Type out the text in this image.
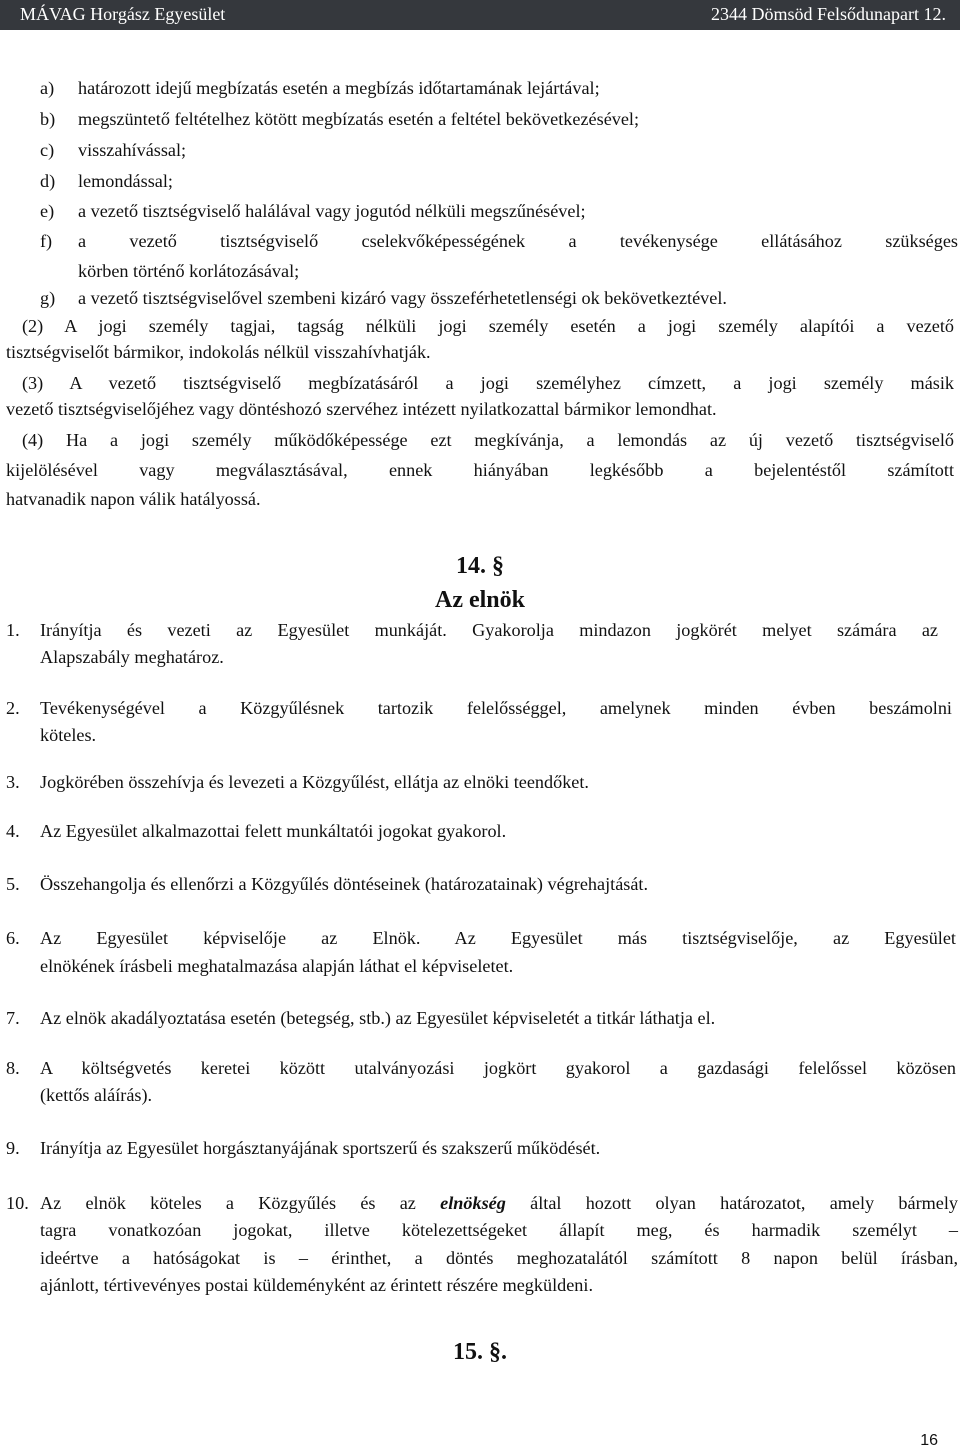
MÁVAG Horgász Egyesület	2344 Dömsöd Felsődunapart 12.
a) határozott idejű megbízatás esetén a megbízás időtartamának lejártával;
b) megszüntető feltételhez kötött megbízatás esetén a feltétel bekövetkezésével;
c) visszahívással;
d) lemondással;
e) a vezető tisztségviselő halálával vagy jogutód nélküli megszűnésével;
f) a vezető tisztségviselő cselekvőképességének a tevékenysége ellátásához szükséges
körben történő korlátozásával;
g) a vezető tisztségviselővel szembeni kizáró vagy összeférhetetlenségi ok bekövetkeztével.
(2) A jogi személy tagjai, tagság nélküli jogi személy esetén a jogi személy alapítói a vezető
tisztségviselőt bármikor, indokolás nélkül visszahívhatják.
(3) A vezető tisztségviselő megbízatásáról a jogi személyhez címzett, a jogi személy másik
vezető tisztségviselőjéhez vagy döntéshozó szervéhez intézett nyilatkozattal bármikor lemondhat.
(4) Ha a jogi személy működőképessége ezt megkívánja, a lemondás az új vezető tisztségviselő
kijelölésével vagy megválasztásával, ennek hiányában legkésőbb a bejelentéstől számított
hatvanadik napon válik hatályossá.
14. §
Az elnök
1. Irányítja és vezeti az Egyesület munkáját. Gyakorolja mindazon jogkörét melyet számára az
Alapszabály meghatároz.
2. Tevékenységével a Közgyűlésnek tartozik felelősséggel, amelynek minden évben beszámolni
köteles.
3. Jogkörében összehívja és levezeti a Közgyűlést, ellátja az elnöki teendőket.
4. Az Egyesület alkalmazottai felett munkáltatói jogokat gyakorol.
5. Összehangolja és ellenőrzi a Közgyűlés döntéseinek (határozatainak) végrehajtását.
6. Az Egyesület képviselője az Elnök. Az Egyesület más tisztségviselője, az Egyesület
elnökének írásbeli meghatalmazása alapján láthat el képviseletet.
7. Az elnök akadályoztatása esetén (betegség, stb.) az Egyesület képviseletét a titkár láthatja el.
8. A költségvetés keretei között utalványozási jogkört gyakorol a gazdasági felelőssel közösen
(kettős aláírás).
9. Irányítja az Egyesület horgásztanyájának sportszerű és szakszerű működését.
10. Az elnök köteles a Közgyűlés és az elnökség által hozott olyan határozatot, amely bármely
tagra vonatkozóan jogokat, illetve kötelezettségeket állapít meg, és harmadik személyt –
ideértve a hatóságokat is – érinthet, a döntés meghozatalától számított 8 napon belül írásban,
ajánlott, tértivevényes postai küldeményként az érintett részére megküldeni.
15. §.
16
